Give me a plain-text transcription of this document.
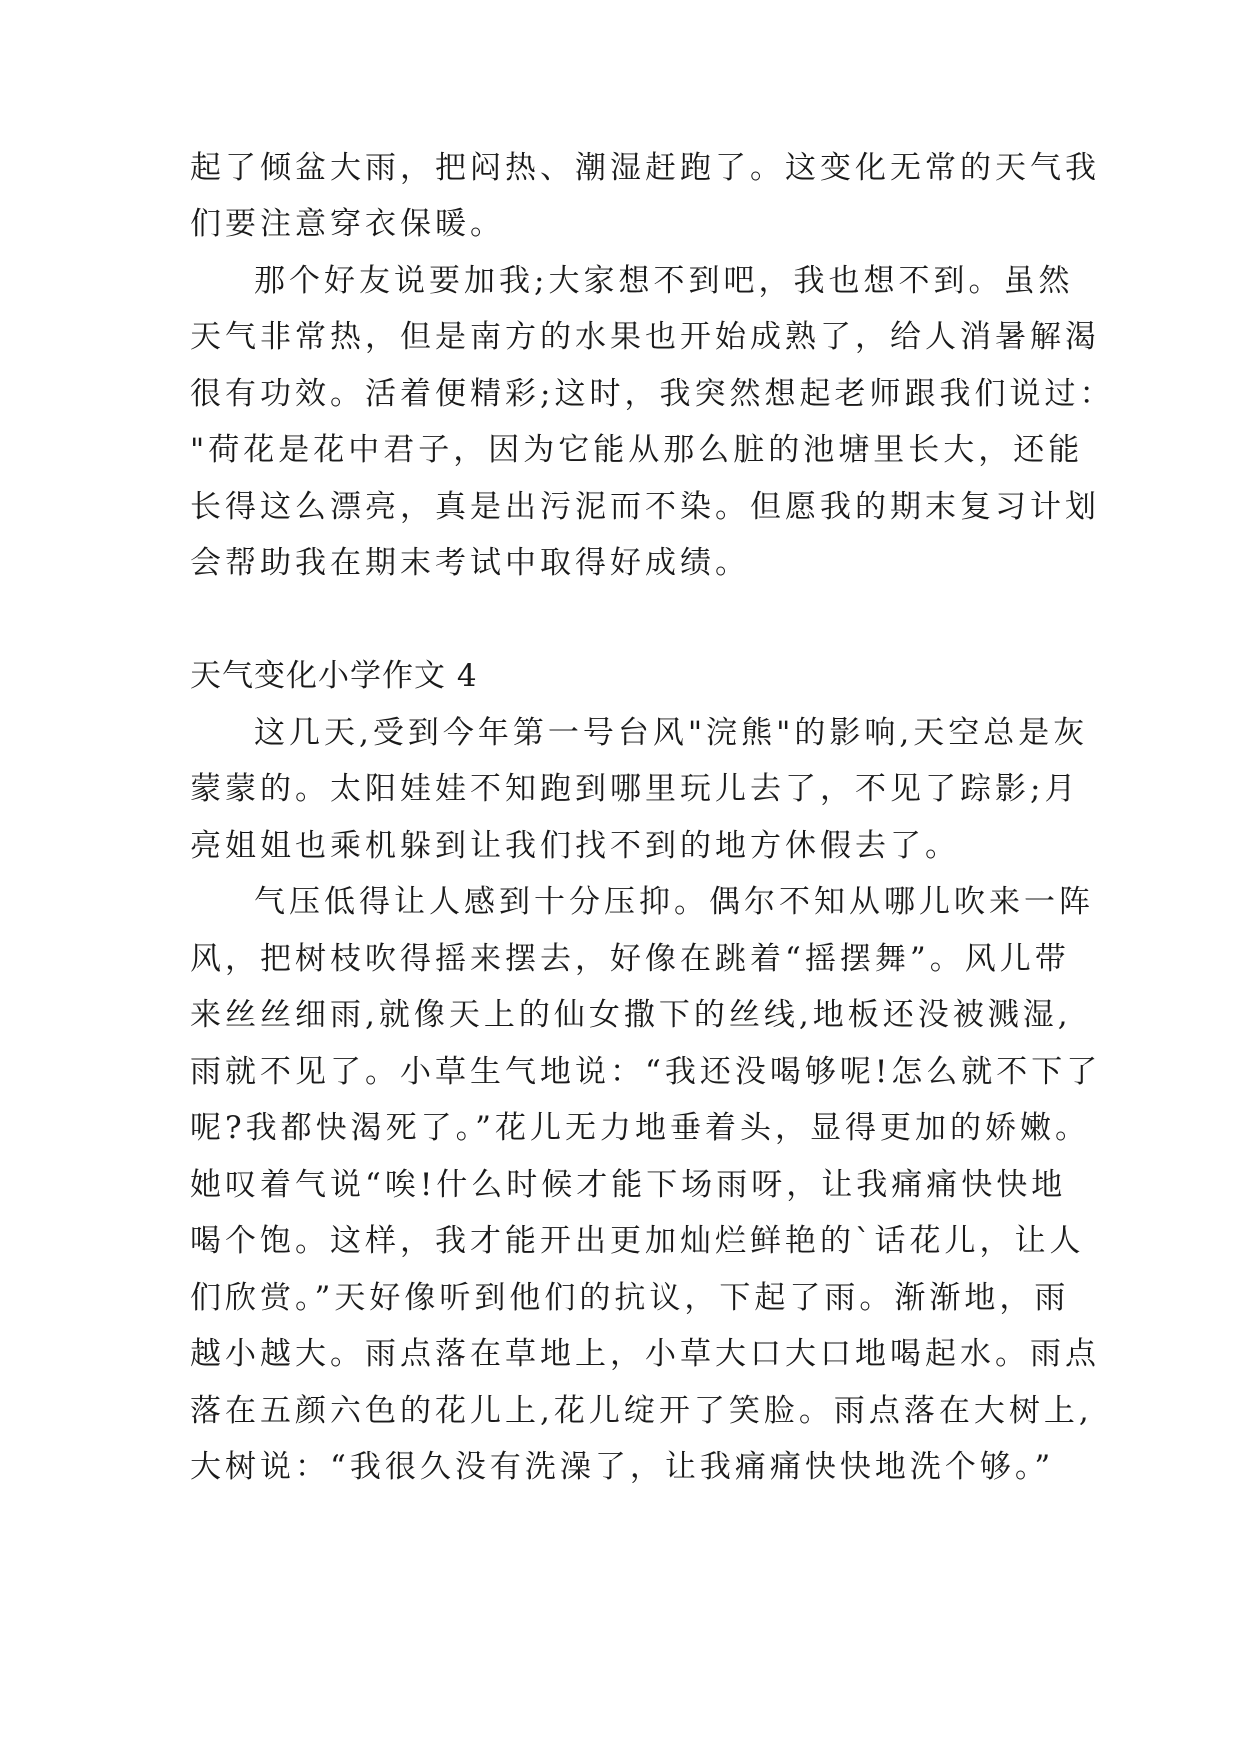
起了倾盆大雨，把闷热、潮湿赶跑了。这变化无常的天气我
们要注意穿衣保暖。
那个好友说要加我;大家想不到吧，我也想不到。虽然
天气非常热，但是南方的水果也开始成熟了，给人消暑解渴
很有功效。活着便精彩;这时，我突然想起老师跟我们说过：
"荷花是花中君子，因为它能从那么脏的池塘里长大，还能
长得这么漂亮，真是出污泥而不染。但愿我的期末复习计划
会帮助我在期末考试中取得好成绩。
天气变化小学作文 4
这几天,受到今年第一号台风"浣熊"的影响,天空总是灰
蒙蒙的。太阳娃娃不知跑到哪里玩儿去了，不见了踪影;月
亮姐姐也乘机躲到让我们找不到的地方休假去了。
气压低得让人感到十分压抑。偶尔不知从哪儿吹来一阵
风，把树枝吹得摇来摆去，好像在跳着“摇摆舞”。风儿带
来丝丝细雨,就像天上的仙女撒下的丝线,地板还没被溅湿,
雨就不见了。小草生气地说：“我还没喝够呢!怎么就不下了
呢?我都快渴死了。”花儿无力地垂着头，显得更加的娇嫩。
她叹着气说“唉!什么时候才能下场雨呀，让我痛痛快快地
喝个饱。这样，我才能开出更加灿烂鲜艳的`话花儿，让人
们欣赏。”天好像听到他们的抗议，下起了雨。渐渐地，雨
越小越大。雨点落在草地上，小草大口大口地喝起水。雨点
落在五颜六色的花儿上,花儿绽开了笑脸。雨点落在大树上,
大树说：“我很久没有洗澡了，让我痛痛快快地洗个够。”
